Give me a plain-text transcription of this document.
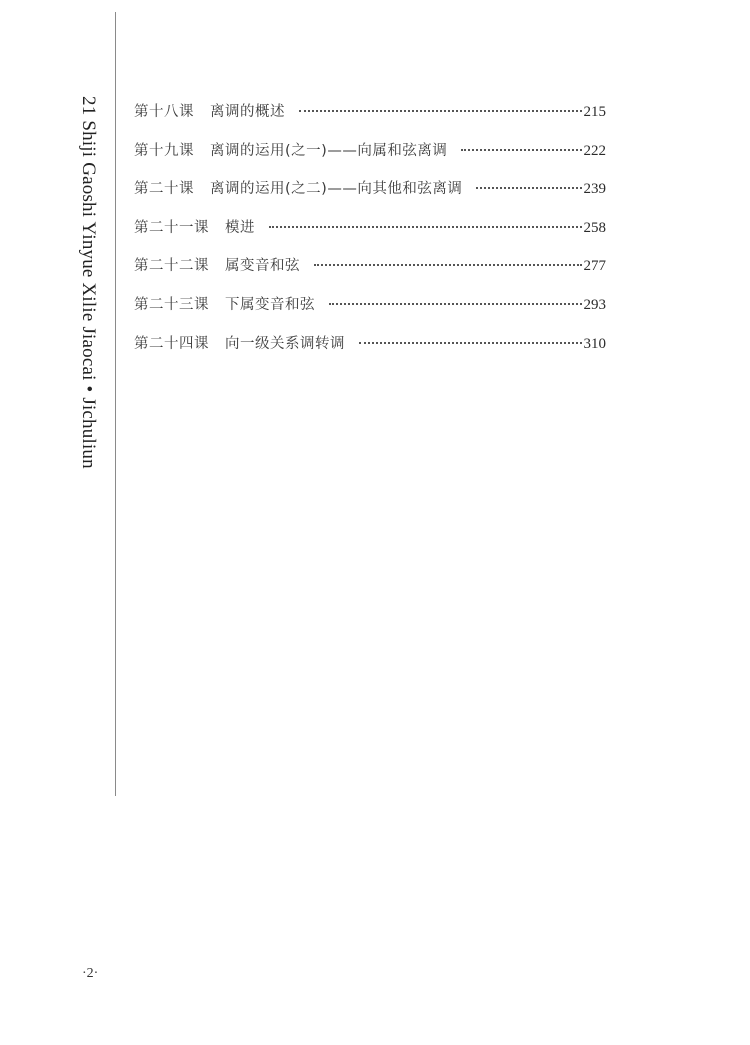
21 Shiji Gaoshi Yinyue Xilie Jiaocai • Jichuliun	第十八课 离调的概述	215
第十九课 离调的运用(之一)——向属和弦离调	222
第二十课 离调的运用(之二)——向其他和弦离调	239
第二十一课 模进	258
第二十二课 属变音和弦	277
第二十三课 下属变音和弦	293
第二十四课 向一级关系调转调	310
·2·
